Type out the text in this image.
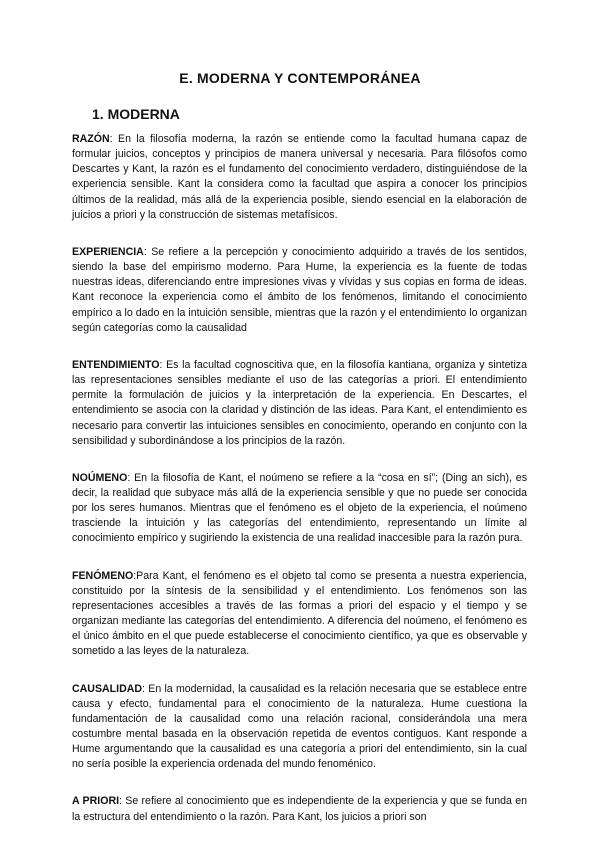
E. MODERNA Y CONTEMPORÁNEA
1. MODERNA

RAZÓN: En la filosofía moderna, la razón se entiende como la facultad humana capaz de formular juicios, conceptos y principios de manera universal y necesaria. Para filósofos como Descartes y Kant, la razón es el fundamento del conocimiento verdadero, distinguiéndose de la experiencia sensible. Kant la considera como la facultad que aspira a conocer los principios últimos de la realidad, más allá de la experiencia posible, siendo esencial en la elaboración de juicios a priori y la construcción de sistemas metafísicos.

EXPERIENCIA: Se refiere a la percepción y conocimiento adquirido a través de los sentidos, siendo la base del empirismo moderno. Para Hume, la experiencia es la fuente de todas nuestras ideas, diferenciando entre impresiones vivas y vívidas y sus copias en forma de ideas. Kant reconoce la experiencia como el ámbito de los fenómenos, limitando el conocimiento empírico a lo dado en la intuición sensible, mientras que la razón y el entendimiento lo organizan según categorías como la causalidad

ENTENDIMIENTO: Es la facultad cognoscitiva que, en la filosofía kantiana, organiza y sintetiza las representaciones sensibles mediante el uso de las categorías a priori. El entendimiento permite la formulación de juicios y la interpretación de la experiencia. En Descartes, el entendimiento se asocia con la claridad y distinción de las ideas. Para Kant, el entendimiento es necesario para convertir las intuiciones sensibles en conocimiento, operando en conjunto con la sensibilidad y subordinándose a los principios de la razón.

NOÚMENO: En la filosofía de Kant, el noúmeno se refiere a la “cosa en sí”; (Ding an sich), es decir, la realidad que subyace más allá de la experiencia sensible y que no puede ser conocida por los seres humanos. Mientras que el fenómeno es el objeto de la experiencia, el noúmeno trasciende la intuición y las categorías del entendimiento, representando un límite al conocimiento empírico y sugiriendo la existencia de una realidad inaccesible para la razón pura.

FENÓMENO:Para Kant, el fenómeno es el objeto tal como se presenta a nuestra experiencia, constituido por la síntesis de la sensibilidad y el entendimiento. Los fenómenos son las representaciones accesibles a través de las formas a priori del espacio y el tiempo y se organizan mediante las categorías del entendimiento. A diferencia del noúmeno, el fenómeno es el único ámbito en el que puede establecerse el conocimiento científico, ya que es observable y sometido a las leyes de la naturaleza.

CAUSALIDAD: En la modernidad, la causalidad es la relación necesaria que se establece entre causa y efecto, fundamental para el conocimiento de la naturaleza. Hume cuestiona la fundamentación de la causalidad como una relación racional, considerándola una mera costumbre mental basada en la observación repetida de eventos contiguos. Kant responde a Hume argumentando que la causalidad es una categoría a priori del entendimiento, sin la cual no sería posible la experiencia ordenada del mundo fenoménico.

A PRIORI: Se refiere al conocimiento que es independiente de la experiencia y que se funda en la estructura del entendimiento o la razón. Para Kant, los juicios a priori son
